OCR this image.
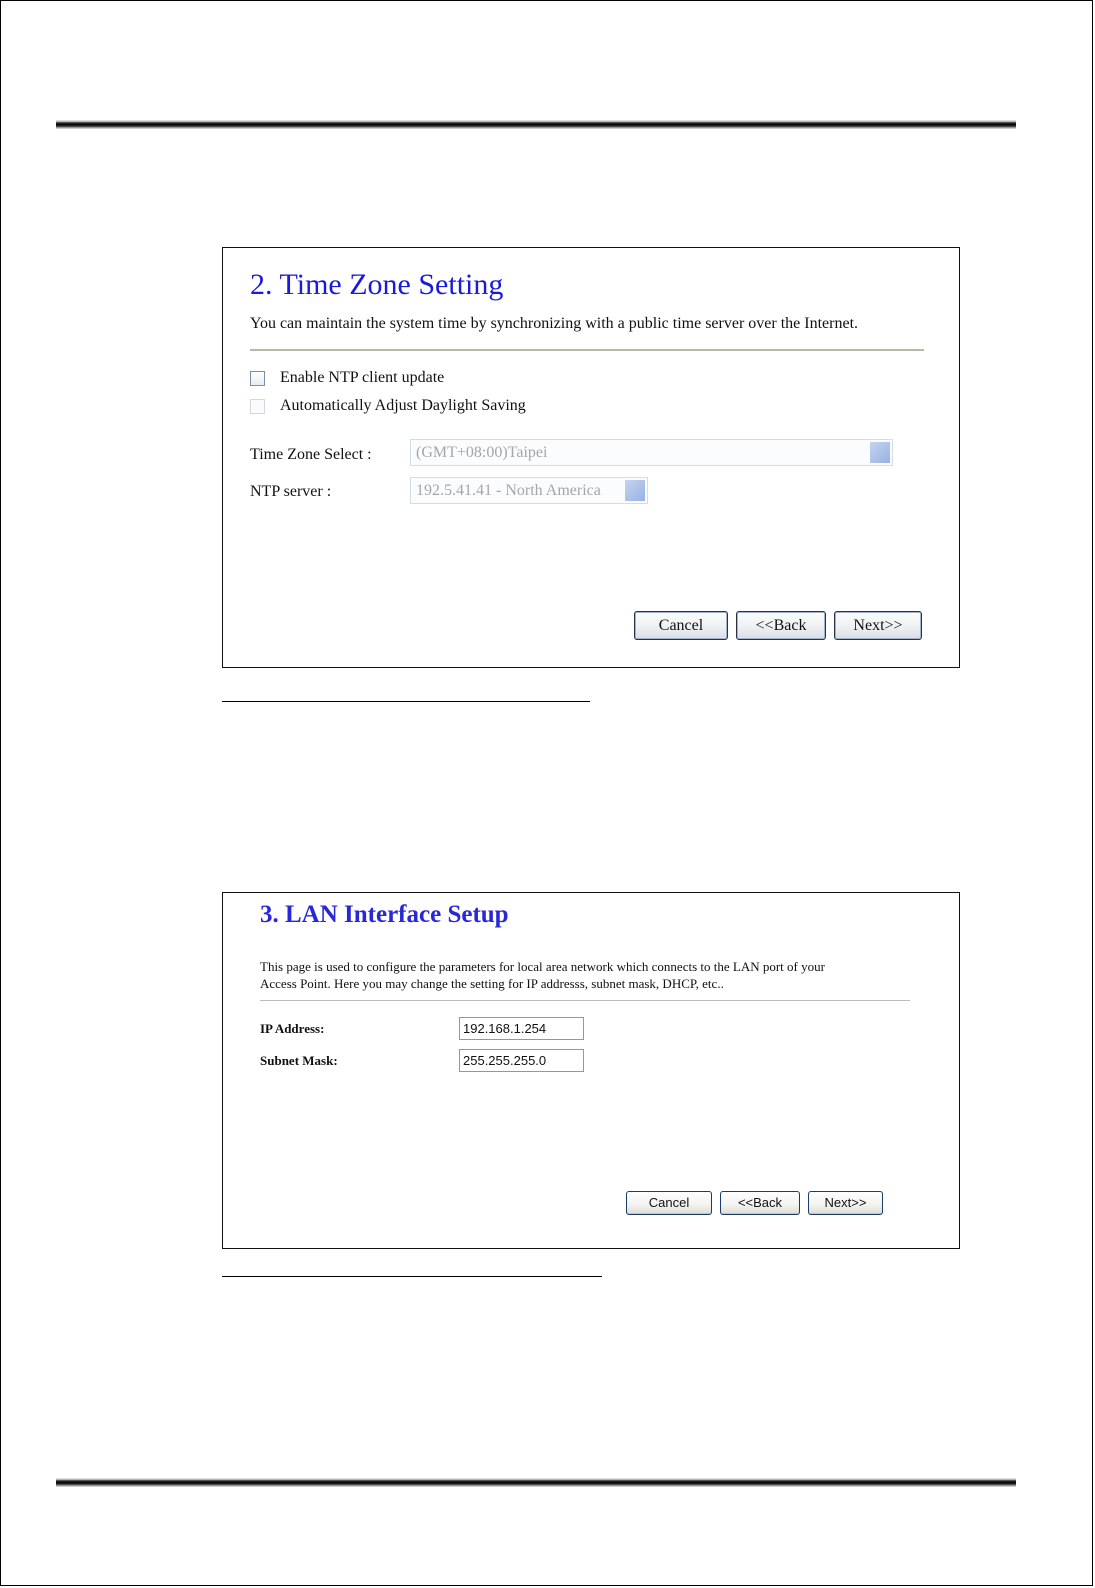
2. Time Zone Setting
You can maintain the system time by synchronizing with a public time server over the Internet.
Enable NTP client update
Automatically Adjust Daylight Saving
Time Zone Select :	(GMT+08:00)Taipei
NTP server :	192.5.41.41 - North America
Cancel	<<Back	Next>>
3. LAN Interface Setup
This page is used to configure the parameters for local area network which connects to the LAN port of your
Access Point. Here you may change the setting for IP addresss, subnet mask, DHCP, etc..
IP Address:	192.168.1.254
Subnet Mask:	255.255.255.0
Cancel	<<Back	Next>>
